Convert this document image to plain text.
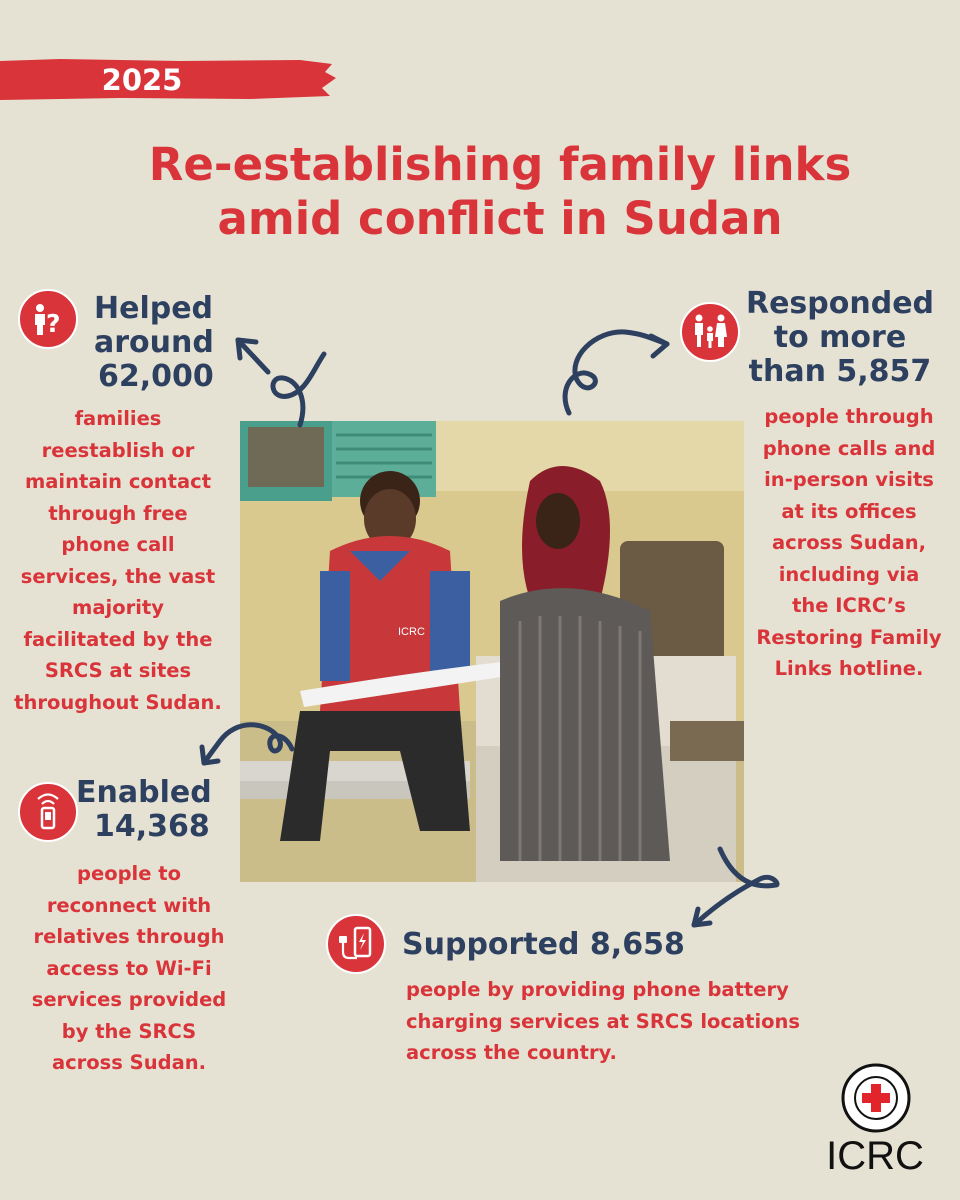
2025
Re-establishing family links
amid conflict in Sudan
? Helped
around
62,000
families
reestablish or
maintain contact
through free
phone call
services, the vast
majority
facilitated by the
SRCS at sites
throughout Sudan.
Responded
to more
than 5,857
people through
phone calls and
in-person visits
at its offices
across Sudan,
including via
the ICRC’s
Restoring Family
Links hotline.
Enabled
14,368
people to
reconnect with
relatives through
access to Wi-Fi
services provided
by the SRCS
across Sudan.
Supported 8,658
people by providing phone battery
charging services at SRCS locations
across the country.
ICRC
ICRC
